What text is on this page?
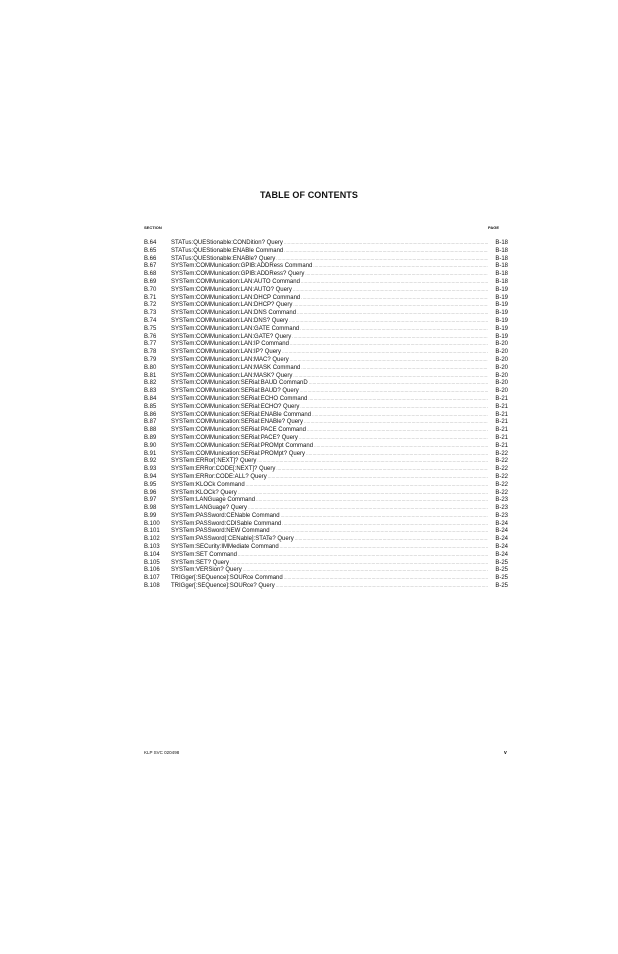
TABLE OF CONTENTS
SECTION	PAGE
B.64	STATus:QUEStionable:CONDition? Query .....	B-18
B.65	STATus:QUEStionable:ENABle Command .....	B-18
B.66	STATus:QUEStionable:ENABle? Query .....	B-18
B.67	SYSTem:COMMunication:GPIB:ADDRess Command .....	B-18
B.68	SYSTem:COMMunication:GPIB:ADDRess? Query .....	B-18
B.69	SYSTem:COMMunication:LAN:AUTO Command .....	B-18
B.70	SYSTem:COMMunication:LAN:AUTO? Query .....	B-19
B.71	SYSTem:COMMunication:LAN:DHCP Command .....	B-19
B.72	SYSTem:COMMunication:LAN:DHCP? Query .....	B-19
B.73	SYSTem:COMMunication:LAN:DNS Command .....	B-19
B.74	SYSTem:COMMunication:LAN:DNS? Query .....	B-19
B.75	SYSTem:COMMunication:LAN:GATE Command .....	B-19
B.76	SYSTem:COMMunication:LAN:GATE? Query .....	B-19
B.77	SYSTem:COMMunication:LAN:IP Command .....	B-20
B.78	SYSTem:COMMunication:LAN:IP? Query .....	B-20
B.79	SYSTem:COMMunication:LAN:MAC? Query .....	B-20
B.80	SYSTem:COMMunication:LAN:MASK Command .....	B-20
B.81	SYSTem:COMMunication:LAN:MASK? Query .....	B-20
B.82	SYSTem:COMMunication:SERial:BAUD CommanD .....	B-20
B.83	SYSTem:COMMunication:SERial:BAUD? Query .....	B-20
B.84	SYSTem:COMMunication:SERial:ECHO Command .....	B-21
B.85	SYSTem:COMMunication:SERial:ECHO? Query .....	B-21
B.86	SYSTem:COMMunication:SERial:ENABle Command .....	B-21
B.87	SYSTem:COMMunication:SERial:ENABle? Query .....	B-21
B.88	SYSTem:COMMunication:SERial:PACE Command .....	B-21
B.89	SYSTem:COMMunication:SERial:PACE? Query .....	B-21
B.90	SYSTem:COMMunication:SERial:PROMpt Command .....	B-21
B.91	SYSTem:COMMunication:SERial:PROMpt? Query .....	B-22
B.92	SYSTem:ERRor[:NEXT]? Query .....	B-22
B.93	SYSTem:ERRor:CODE[:NEXT]? Query .....	B-22
B.94	SYSTem:ERRor:CODE:ALL? Query .....	B-22
B.95	SYSTem:KLOCk Command .....	B-22
B.96	SYSTem:KLOCk? Query .....	B-22
B.97	SYSTem:LANGuage Command .....	B-23
B.98	SYSTem:LANGuage? Query .....	B-23
B.99	SYSTem:PASSword:CENable Command .....	B-23
B.100	SYSTem:PASSword:CDISable Command .....	B-24
B.101	SYSTem:PASSword:NEW Command .....	B-24
B.102	SYSTem:PASSword[:CENable]:STATe? Query .....	B-24
B.103	SYSTem:SECurity:IMMediate Command .....	B-24
B.104	SYSTem:SET Command .....	B-24
B.105	SYSTem:SET? Query .....	B-25
B.106	SYSTem:VERSion? Query .....	B-25
B.107	TRIGger[:SEQuence]:SOURce Command .....	B-25
B.108	TRIGger[:SEQuence]:SOURce? Query .....	B-25
KLP SVC 020498	v
